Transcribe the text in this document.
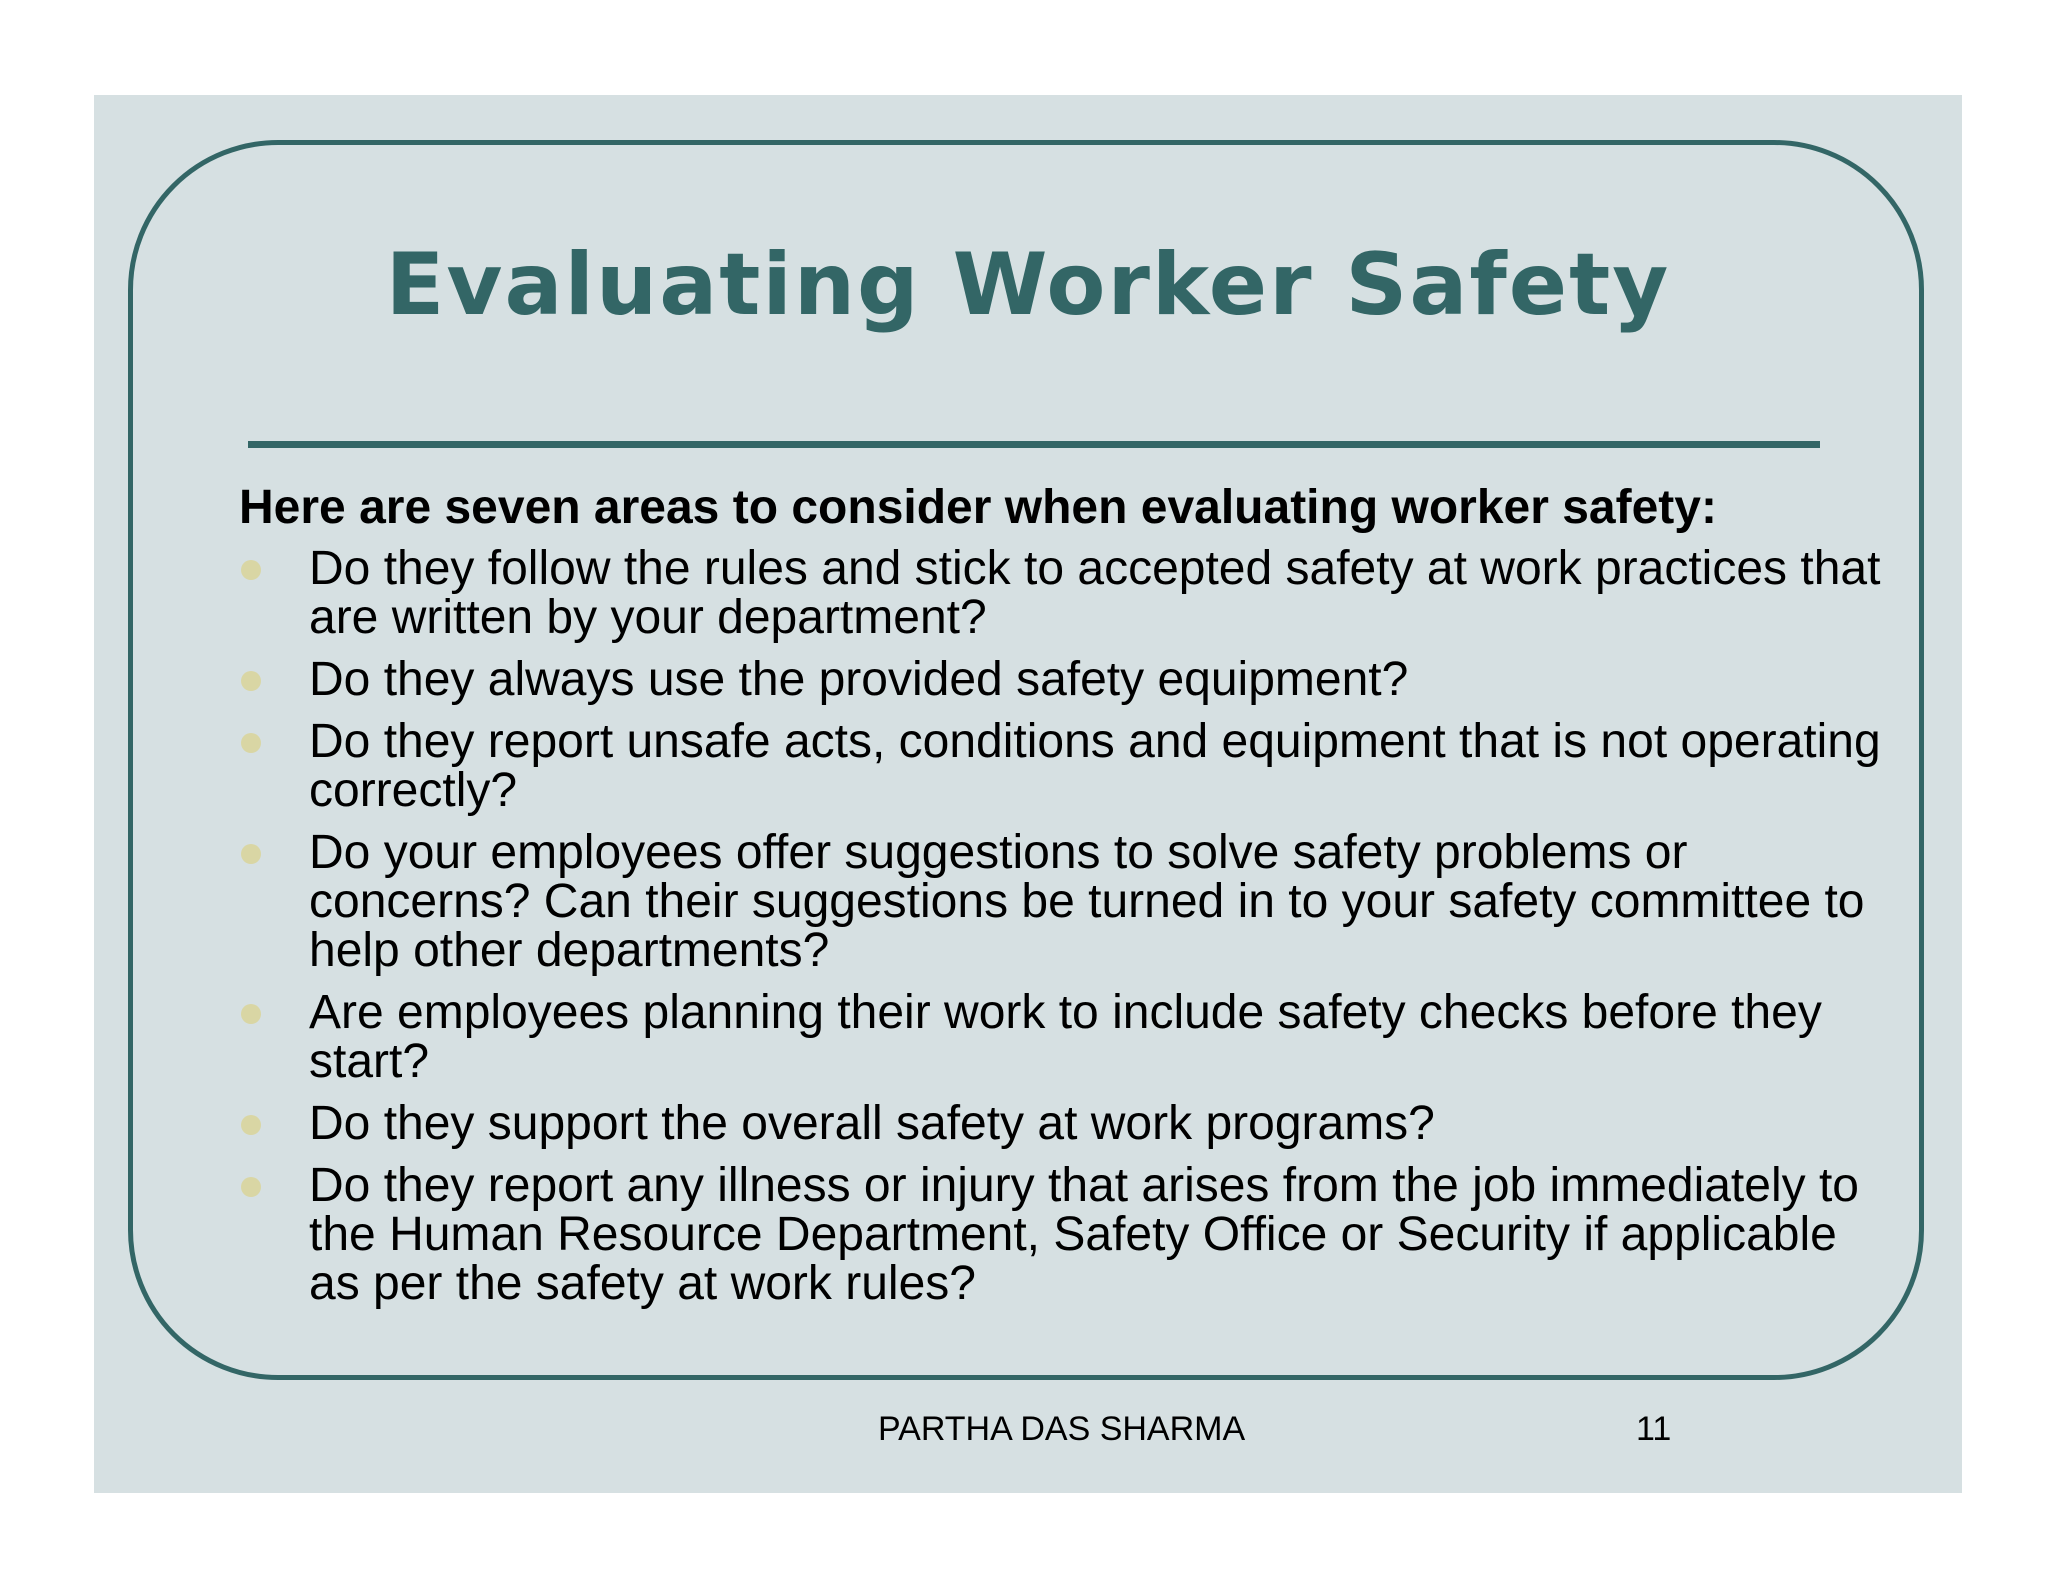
Evaluating Worker Safety
Here are seven areas to consider when evaluating worker safety:
Do they follow the rules and stick to accepted safety at work practices that are written by your department?
Do they always use the provided safety equipment?
Do they report unsafe acts, conditions and equipment that is not operating correctly?
Do your employees offer suggestions to solve safety problems or concerns? Can their suggestions be turned in to your safety committee to help other departments?
Are employees planning their work to include safety checks before they start?
Do they support the overall safety at work programs?
Do they report any illness or injury that arises from the job immediately to the Human Resource Department, Safety Office or Security if applicable as per the safety at work rules?
PARTHA DAS SHARMA	11
